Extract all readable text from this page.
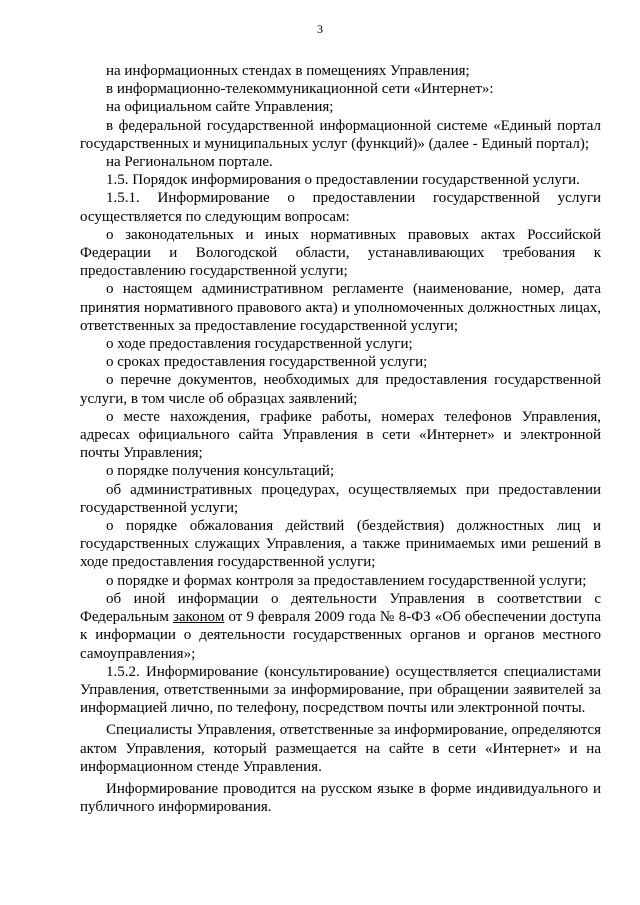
3

на информационных стендах в помещениях Управления;

в информационно-телекоммуникационной сети «Интернет»:

на официальном сайте Управления;

в федеральной государственной информационной системе «Единый портал государственных и муниципальных услуг (функций)» (далее - Единый портал);

на Региональном портале.

1.5. Порядок информирования о предоставлении государственной услуги.

1.5.1. Информирование о предоставлении государственной услуги осуществляется по следующим вопросам:

о законодательных и иных нормативных правовых актах Российской Федерации и Вологодской области, устанавливающих требования к предоставлению государственной услуги;

о настоящем административном регламенте (наименование, номер, дата принятия нормативного правового акта) и уполномоченных должностных лицах, ответственных за предоставление государственной услуги;

о ходе предоставления государственной услуги;

о сроках предоставления государственной услуги;

о перечне документов, необходимых для предоставления государственной услуги, в том числе об образцах заявлений;

о месте нахождения, графике работы, номерах телефонов Управления, адресах официального сайта Управления в сети «Интернет» и электронной почты Управления;

о порядке получения консультаций;

об административных процедурах, осуществляемых при предоставлении государственной услуги;

о порядке обжалования действий (бездействия) должностных лиц и государственных служащих Управления, а также принимаемых ими решений в ходе предоставления государственной услуги;

о порядке и формах контроля за предоставлением государственной услуги;

об иной информации о деятельности Управления в соответствии с Федеральным законом от 9 февраля 2009 года № 8-ФЗ «Об обеспечении доступа к информации о деятельности государственных органов и органов местного самоуправления»;

1.5.2. Информирование (консультирование) осуществляется специалистами Управления, ответственными за информирование, при обращении заявителей за информацией лично, по телефону, посредством почты или электронной почты.

Специалисты Управления, ответственные за информирование, определяются актом Управления, который размещается на сайте в сети «Интернет» и на информационном стенде Управления.

Информирование проводится на русском языке в форме индивидуального и публичного информирования.
